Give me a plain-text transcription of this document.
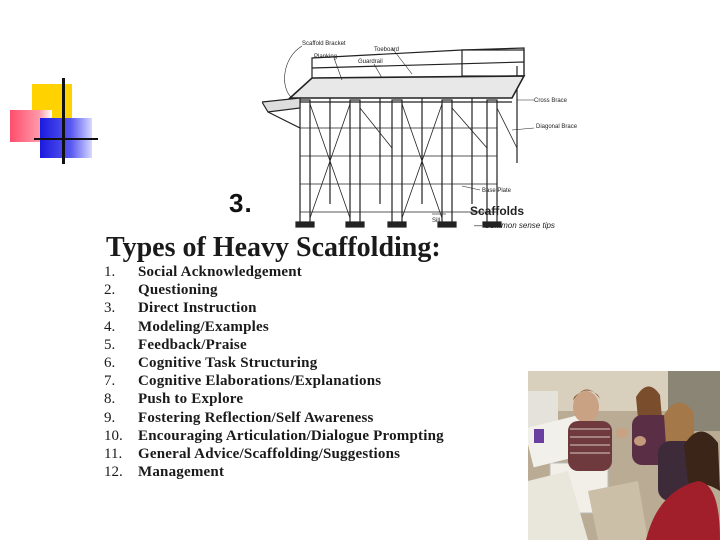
Scaffold Bracket
Planking
Toeboard
Guardrail
Cross Brace
Diagonal Brace
Base Plate
Sill
Scaffolds
— Common sense tips
3.
Types of Heavy Scaffolding:
1.	Social Acknowledgement
2.	Questioning
3.	Direct Instruction
4.	Modeling/Examples
5.	Feedback/Praise
6.	Cognitive Task Structuring
7.	Cognitive Elaborations/Explanations
8.	Push to Explore
9.	Fostering Reflection/Self Awareness
10.	Encouraging Articulation/Dialogue Prompting
11.	General Advice/Scaffolding/Suggestions
12.	Management
